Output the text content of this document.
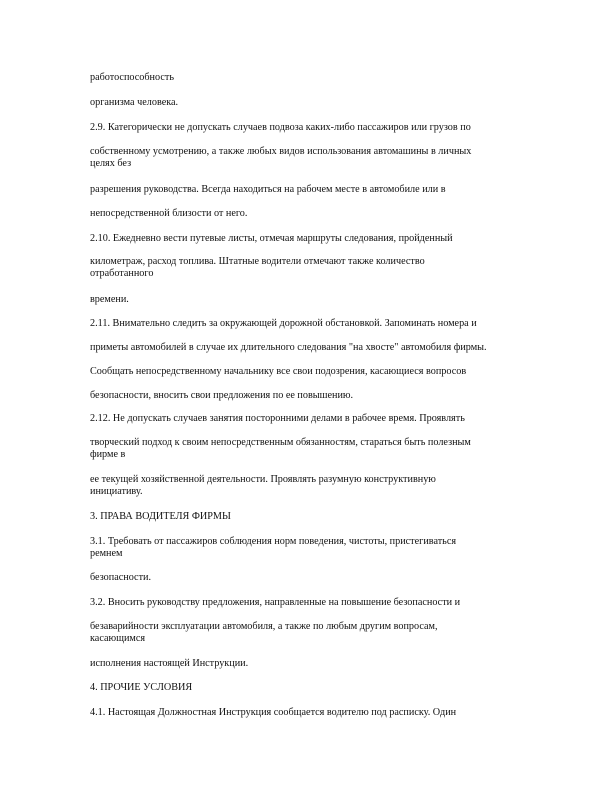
работоспособность

организма человека.

2.9. Категорически не допускать случаев подвоза каких-либо пассажиров или грузов по

собственному усмотрению, а также любых видов использования автомашины в личных

целях без

разрешения руководства. Всегда находиться на рабочем месте в автомобиле или в

непосредственной близости от него.

2.10. Ежедневно вести путевые листы, отмечая маршруты следования, пройденный

километраж, расход топлива. Штатные водители отмечают также количество

отработанного

времени.

2.11. Внимательно следить за окружающей дорожной обстановкой. Запоминать номера и

приметы автомобилей в случае их длительного следования "на хвосте" автомобиля фирмы.

Сообщать непосредственному начальнику все свои подозрения, касающиеся вопросов

безопасности, вносить свои предложения по ее повышению.

2.12. Не допускать случаев занятия посторонними делами в рабочее время. Проявлять

творческий подход к своим непосредственным обязанностям, стараться быть полезным

фирме в

ее текущей хозяйственной деятельности. Проявлять разумную конструктивную

инициативу.

3. ПРАВА ВОДИТЕЛЯ ФИРМЫ

3.1. Требовать от пассажиров соблюдения норм поведения, чистоты, пристегиваться

ремнем

безопасности.

3.2. Вносить руководству предложения, направленные на повышение безопасности и

безаварийности эксплуатации автомобиля, а также по любым другим вопросам,

касающимся

исполнения настоящей Инструкции.

4. ПРОЧИЕ УСЛОВИЯ

4.1. Настоящая Должностная Инструкция сообщается водителю под расписку. Один
